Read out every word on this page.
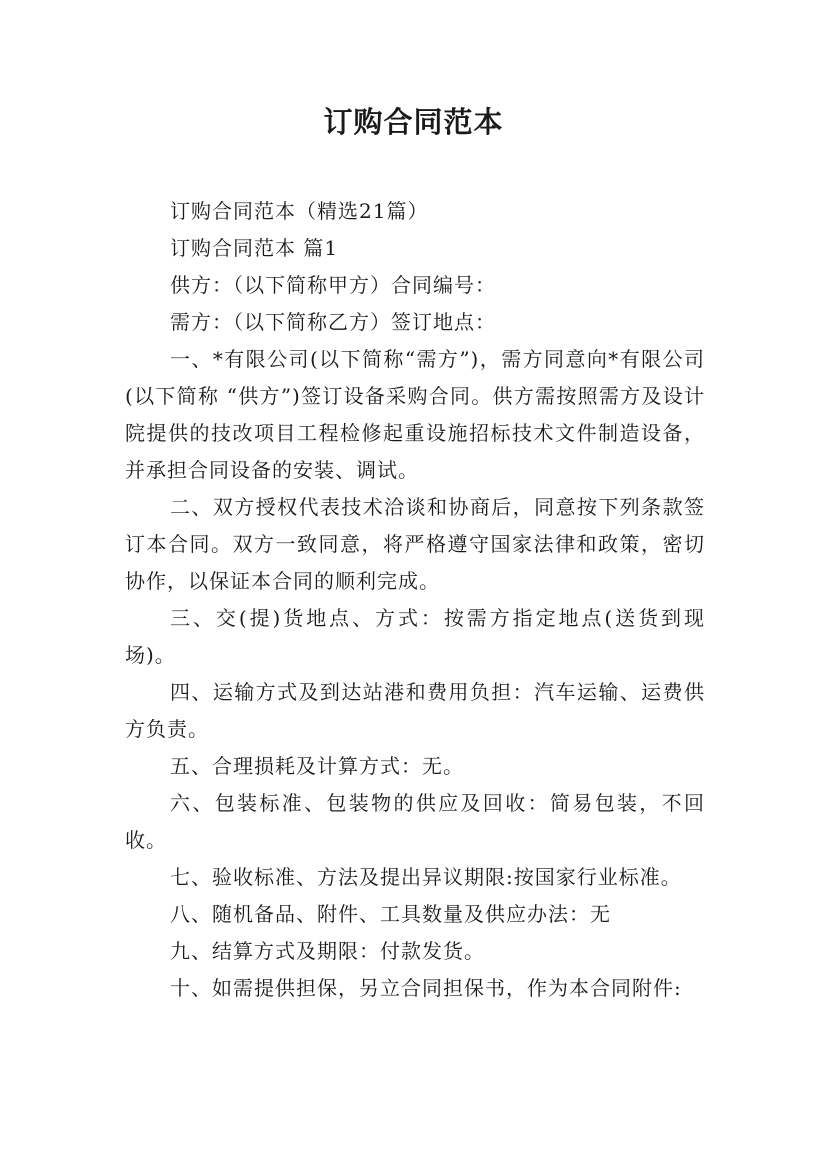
订购合同范本

订购合同范本（精选21篇）

订购合同范本 篇1

供方：（以下简称甲方）合同编号：

需方：（以下简称乙方）签订地点：

一、*有限公司(以下简称“需方”)，需方同意向*有限公司(以下简称 “供方”)签订设备采购合同。供方需按照需方及设计院提供的技改项目工程检修起重设施招标技术文件制造设备，并承担合同设备的安装、调试。

二、双方授权代表技术洽谈和协商后，同意按下列条款签订本合同。双方一致同意，将严格遵守国家法律和政策，密切协作，以保证本合同的顺利完成。

三、交(提)货地点、方式：按需方指定地点(送货到现场)。

四、运输方式及到达站港和费用负担：汽车运输、运费供方负责。

五、合理损耗及计算方式：无。

六、包装标准、包装物的供应及回收：简易包装，不回收。

七、验收标准、方法及提出异议期限:按国家行业标准。

八、随机备品、附件、工具数量及供应办法：无

九、结算方式及期限：付款发货。

十、如需提供担保，另立合同担保书，作为本合同附件:
